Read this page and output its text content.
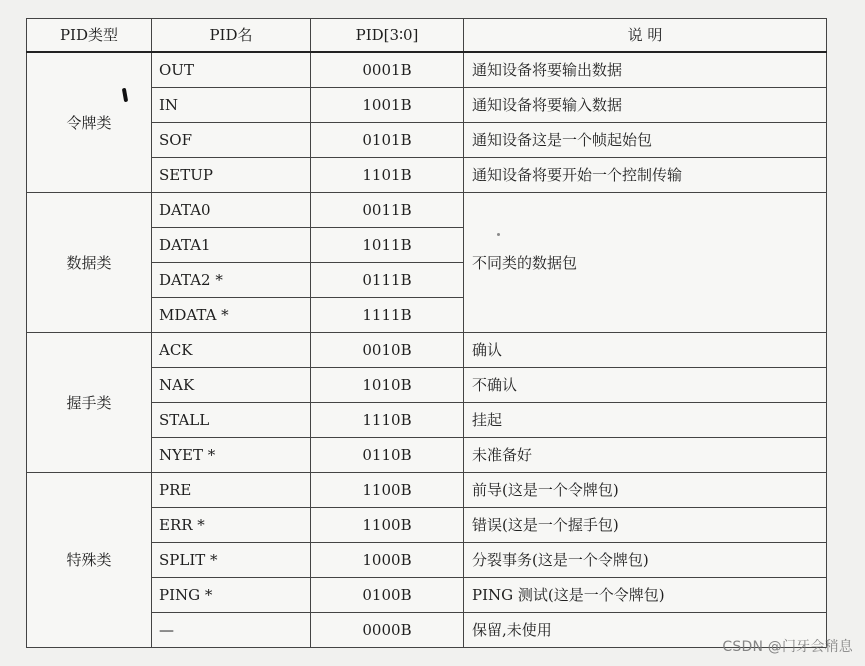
PID类型	PID名	PID[3∶0]	说 明
令牌类	OUT	0001B	通知设备将要输出数据
	IN	1001B	通知设备将要输入数据
	SOF	0101B	通知设备这是一个帧起始包
	SETUP	1101B	通知设备将要开始一个控制传输
数据类	DATA0	0011B	不同类的数据包
	DATA1	1011B	
	DATA2 *	0111B	
	MDATA *	1111B	
握手类	ACK	0010B	确认
	NAK	1010B	不确认
	STALL	1110B	挂起
	NYET *	0110B	未准备好
特殊类	PRE	1100B	前导(这是一个令牌包)
	ERR *	1100B	错误(这是一个握手包)
	SPLIT *	1000B	分裂事务(这是一个令牌包)
	PING *	0100B	PING 测试(这是一个令牌包)
	—	0000B	保留,未使用
CSDN @门牙会稍息
